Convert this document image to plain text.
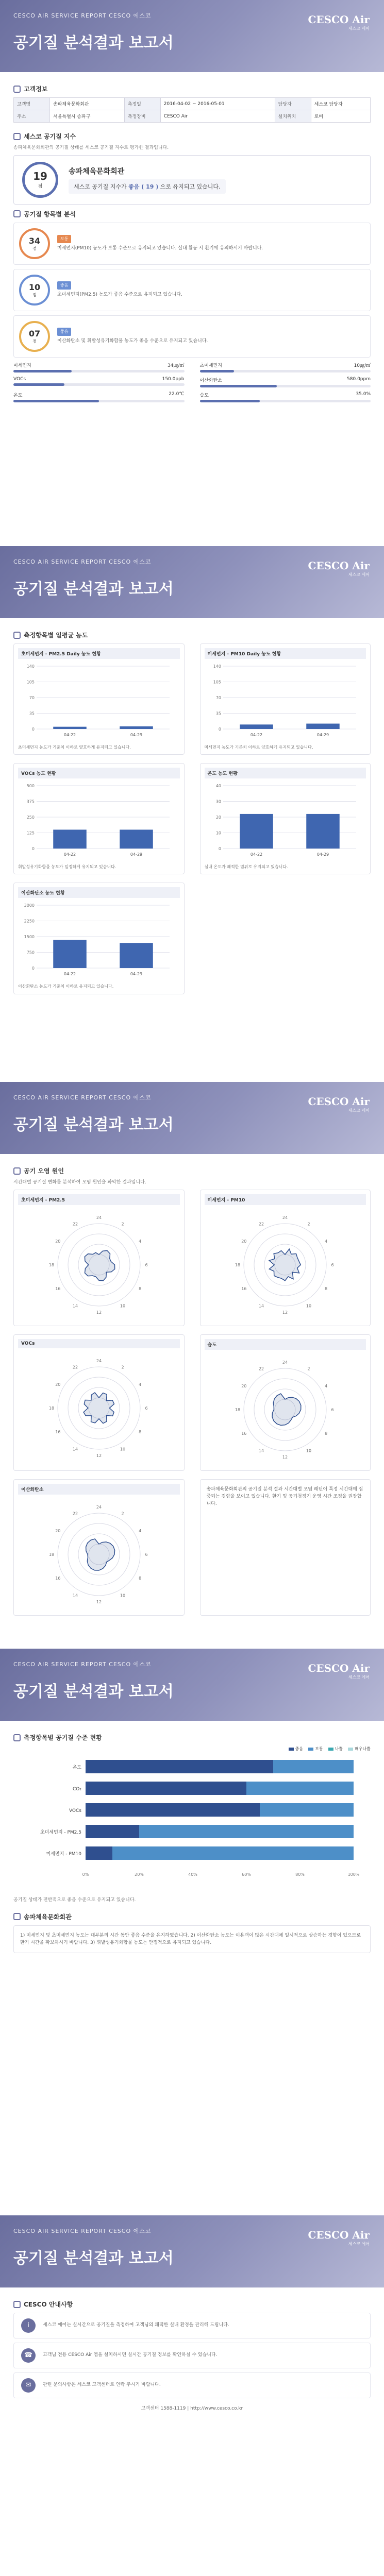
CESCO AIR SERVICE REPORT CESCO 에스코
공기질 분석결과 보고서
CESCO Air
세스코 에어
고객정보
고객명	송파체육문화회관	측정일	2016-04-02 ~ 2016-05-01	담당자	세스코 담당자
주소	서울특별시 송파구	측정장비	CESCO Air	설치위치	로비
세스코 공기질 지수
송파체육문화회관의 공기질 상태를 세스코 공기질 지수로 평가한 결과입니다.
19
점
송파체육문화회관
세스코 공기질 지수가 좋음 ( 19 ) 으로 유지되고 있습니다.
공기질 항목별 분석
34
점
보통
미세먼지(PM10) 농도가 보통 수준으로 유지되고 있습니다. 실내 활동 시 환기에 유의하시기 바랍니다.
10
점
좋음
초미세먼지(PM2.5) 농도가 좋음 수준으로 유지되고 있습니다.
07
점
좋음
이산화탄소 및 휘발성유기화합물 농도가 좋음 수준으로 유지되고 있습니다.
미세먼지	34㎍/㎥	초미세먼지	10㎍/㎥
VOCs	150.0ppb	이산화탄소	580.0ppm
온도	22.0℃	습도	35.0%
CESCO AIR SERVICE REPORT CESCO 에스코
공기질 분석결과 보고서
CESCO Air
세스코 에어
측정항목별 일평균 농도
초미세먼지 - PM2.5 Daily 농도 현황
0
35
70
105
140
04-22	04-29
초미세먼지 농도가 기준치 이하로 양호하게 유지되고 있습니다.
미세먼지 - PM10 Daily 농도 현황
0
35
70
105
140
04-22	04-29
미세먼지 농도가 기준치 이하로 양호하게 유지되고 있습니다.
VOCs 농도 현황
0
125
250
375
500
04-22	04-29
휘발성유기화합물 농도가 일정하게 유지되고 있습니다.
온도 농도 현황
0
10
20
30
40
04-22	04-29
실내 온도가 쾌적한 범위로 유지되고 있습니다.
이산화탄소 농도 현황
0
750
1500
2250
3000
04-22	04-29
이산화탄소 농도가 기준치 이하로 유지되고 있습니다.
CESCO AIR SERVICE REPORT CESCO 에스코
공기질 분석결과 보고서
CESCO Air
세스코 에어
공기 오염 원인
시간대별 공기질 변화를 분석하여 오염 원인을 파악한 결과입니다.
초미세먼지 - PM2.5
24
2
4
6
8
10
12
14
16
18
20
22
미세먼지 - PM10
24
2
4
6
8
10
12
14
16
18
20
22
VOCs
24
2
4
6
8
10
12
14
16
18
20
22
습도
24
2
4
6
8
10
12
14
16
18
20
22
이산화탄소
24
2
4
6
8
10
12
14
16
18
20
22
송파체육문화회관의 공기질 분석 결과 시간대별 오염 패턴이 특정 시간대에 집중되는 경향을 보이고 있습니다. 환기 및 공기청정기 운영 시간 조정을 권장합니다.
CESCO AIR SERVICE REPORT CESCO 에스코
공기질 분석결과 보고서
CESCO Air
세스코 에어
측정항목별 공기질 수준 현황
좋음	보통	나쁨	매우나쁨
온도
CO₂
VOCs
초미세먼지 - PM2.5
미세먼지 - PM10
0%	20%	40%	60%	80%	100%
공기질 상태가 전반적으로 좋음 수준으로 유지되고 있습니다.
송파체육문화회관
1) 미세먼지 및 초미세먼지 농도는 대부분의 시간 동안 좋음 수준을 유지하였습니다. 2) 이산화탄소 농도는 이용객이 많은 시간대에 일시적으로 상승하는 경향이 있으므로 환기 시간을 확보하시기 바랍니다. 3) 휘발성유기화합물 농도는 안정적으로 유지되고 있습니다.
CESCO AIR SERVICE REPORT CESCO 에스코
공기질 분석결과 보고서
CESCO Air
세스코 에어
CESCO 안내사항
i	세스코 에어는 실시간으로 공기질을 측정하여 고객님의 쾌적한 실내 환경을 관리해 드립니다.
☎	고객님 전용 CESCO Air 앱을 설치하시면 실시간 공기질 정보를 확인하실 수 있습니다.
✉	관련 문의사항은 세스코 고객센터로 연락 주시기 바랍니다.
고객센터 1588-1119 | http://www.cesco.co.kr
